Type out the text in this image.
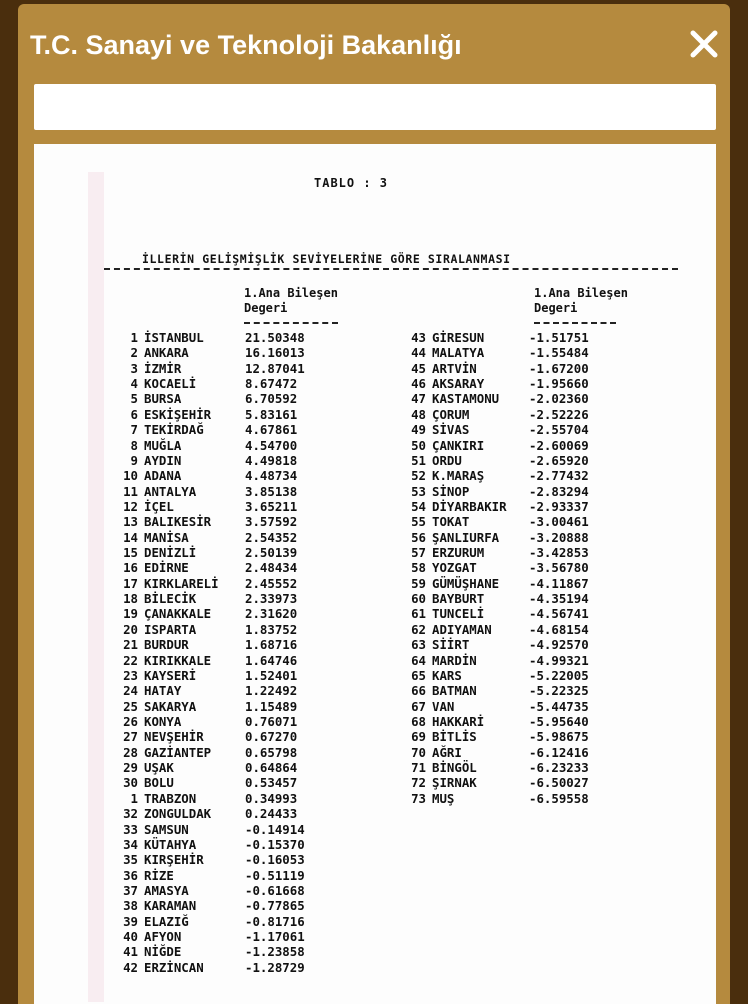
T.C. Sanayi ve Teknoloji Bakanlığı
TABLO : 3
İLLERİN GELİŞMİŞLİK SEVİYELERİNE GÖRE SIRALANMASI
1.Ana Bileşen
Degeri
1.Ana Bileşen
Degeri
1 İSTANBUL	21.50348
2 ANKARA	16.16013
3 İZMİR	12.87041
4 KOCAELİ	8.67472
5 BURSA	6.70592
6 ESKİŞEHİR	5.83161
7 TEKİRDAĞ	4.67861
8 MUĞLA	4.54700
9 AYDIN	4.49818
10 ADANA	4.48734
11 ANTALYA	3.85138
12 İÇEL	3.65211
13 BALIKESİR	3.57592
14 MANİSA	2.54352
15 DENİZLİ	2.50139
16 EDİRNE	2.48434
17 KIRKLARELİ 2.45552
18 BİLECİK	2.33973
19 ÇANAKKALE	2.31620
20 ISPARTA	1.83752
21 BURDUR	1.68716
22 KIRIKKALE	1.64746
23 KAYSERİ	1.52401
24 HATAY	1.22492
25 SAKARYA	1.15489
26 KONYA	0.76071
27 NEVŞEHİR	0.67270
28 GAZİANTEP	0.65798
29 UŞAK	0.64864
30 BOLU	0.53457
1 TRABZON	0.34993
32 ZONGULDAK	0.24433
33 SAMSUN	-0.14914
34 KÜTAHYA	-0.15370
35 KIRŞEHİR	-0.16053
36 RİZE	-0.51119
37 AMASYA	-0.61668
38 KARAMAN	-0.77865
39 ELAZIĞ	-0.81716
40 AFYON	-1.17061
41 NİĞDE	-1.23858
42 ERZİNCAN	-1.28729
43 GİRESUN	-1.51751
44 MALATYA	-1.55484
45 ARTVİN	-1.67200
46 AKSARAY	-1.95660
47 KASTAMONU -2.02360
48 ÇORUM	-2.52226
49 SİVAS	-2.55704
50 ÇANKIRI	-2.60069
51 ORDU	-2.65920
52 K.MARAŞ	-2.77432
53 SİNOP	-2.83294
54 DİYARBAKIR -2.93337
55 TOKAT	-3.00461
56 ŞANLIURFA -3.20888
57 ERZURUM	-3.42853
58 YOZGAT	-3.56780
59 GÜMÜŞHANE -4.11867
60 BAYBURT	-4.35194
61 TUNCELİ	-4.56741
62 ADIYAMAN	-4.68154
63 SİİRT	-4.92570
64 MARDİN	-4.99321
65 KARS	-5.22005
66 BATMAN	-5.22325
67 VAN	-5.44735
68 HAKKARİ	-5.95640
69 BİTLİS	-5.98675
70 AĞRI	-6.12416
71 BİNGÖL	-6.23233
72 ŞIRNAK	-6.50027
73 MUŞ	-6.59558
